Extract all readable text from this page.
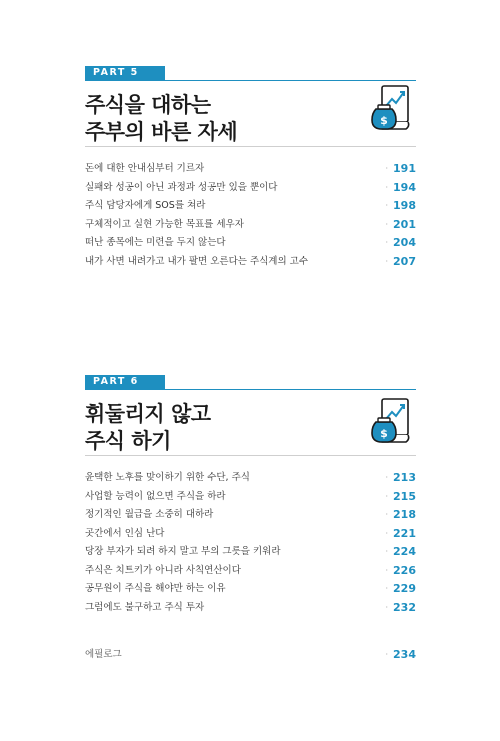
PART 5
주식을 대하는
주부의 바른 자세	$
돈에 대한 안내심부터 기르자	· 191
실패와 성공이 아닌 과정과 성공만 있을 뿐이다	· 194
주식 담당자에게 SOS를 쳐라	· 198
구체적이고 실현 가능한 목표를 세우자	· 201
떠난 종목에는 미련을 두지 않는다	· 204
내가 사면 내려가고 내가 팔면 오른다는 주식계의 고수	· 207
PART 6
휘둘리지 않고
주식 하기	$
윤택한 노후를 맞이하기 위한 수단, 주식	· 213
사업할 능력이 없으면 주식을 하라	· 215
정기적인 월급을 소중히 대하라	· 218
곳간에서 인심 난다	· 221
당장 부자가 되려 하지 말고 부의 그릇을 키워라	· 224
주식은 치트키가 아니라 사칙연산이다	· 226
공무원이 주식을 해야만 하는 이유	· 229
그럼에도 불구하고 주식 투자	· 232
에필로그	· 234
